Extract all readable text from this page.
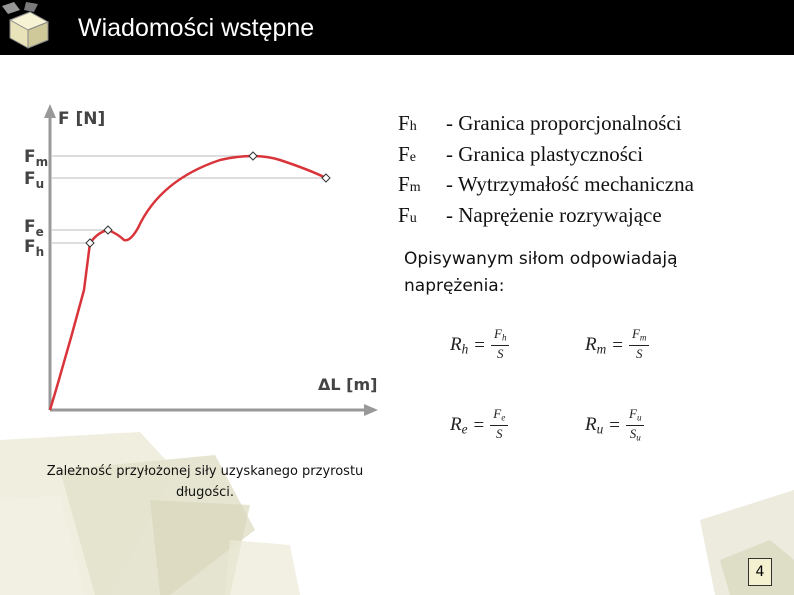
Wiadomości wstępne
F [N]
ΔL [m]
$F_m$
$F_u$
$F_e$
$F_h$
Fh - Granica proporcjonalności
Fe - Granica plastyczności
Fm - Wytrzymałość mechaniczna
Fu - Naprężenie rozrywające
Opisywanym siłom odpowiadają naprężenia:
$R_h = \frac{F_h}{S}$	$R_m = \frac{F_m}{S}$
$R_e = \frac{F_e}{S}$	$R_u = \frac{F_u}{S_u}$
Zależność przyłożonej siły uzyskanego przyrostu długości.
4
